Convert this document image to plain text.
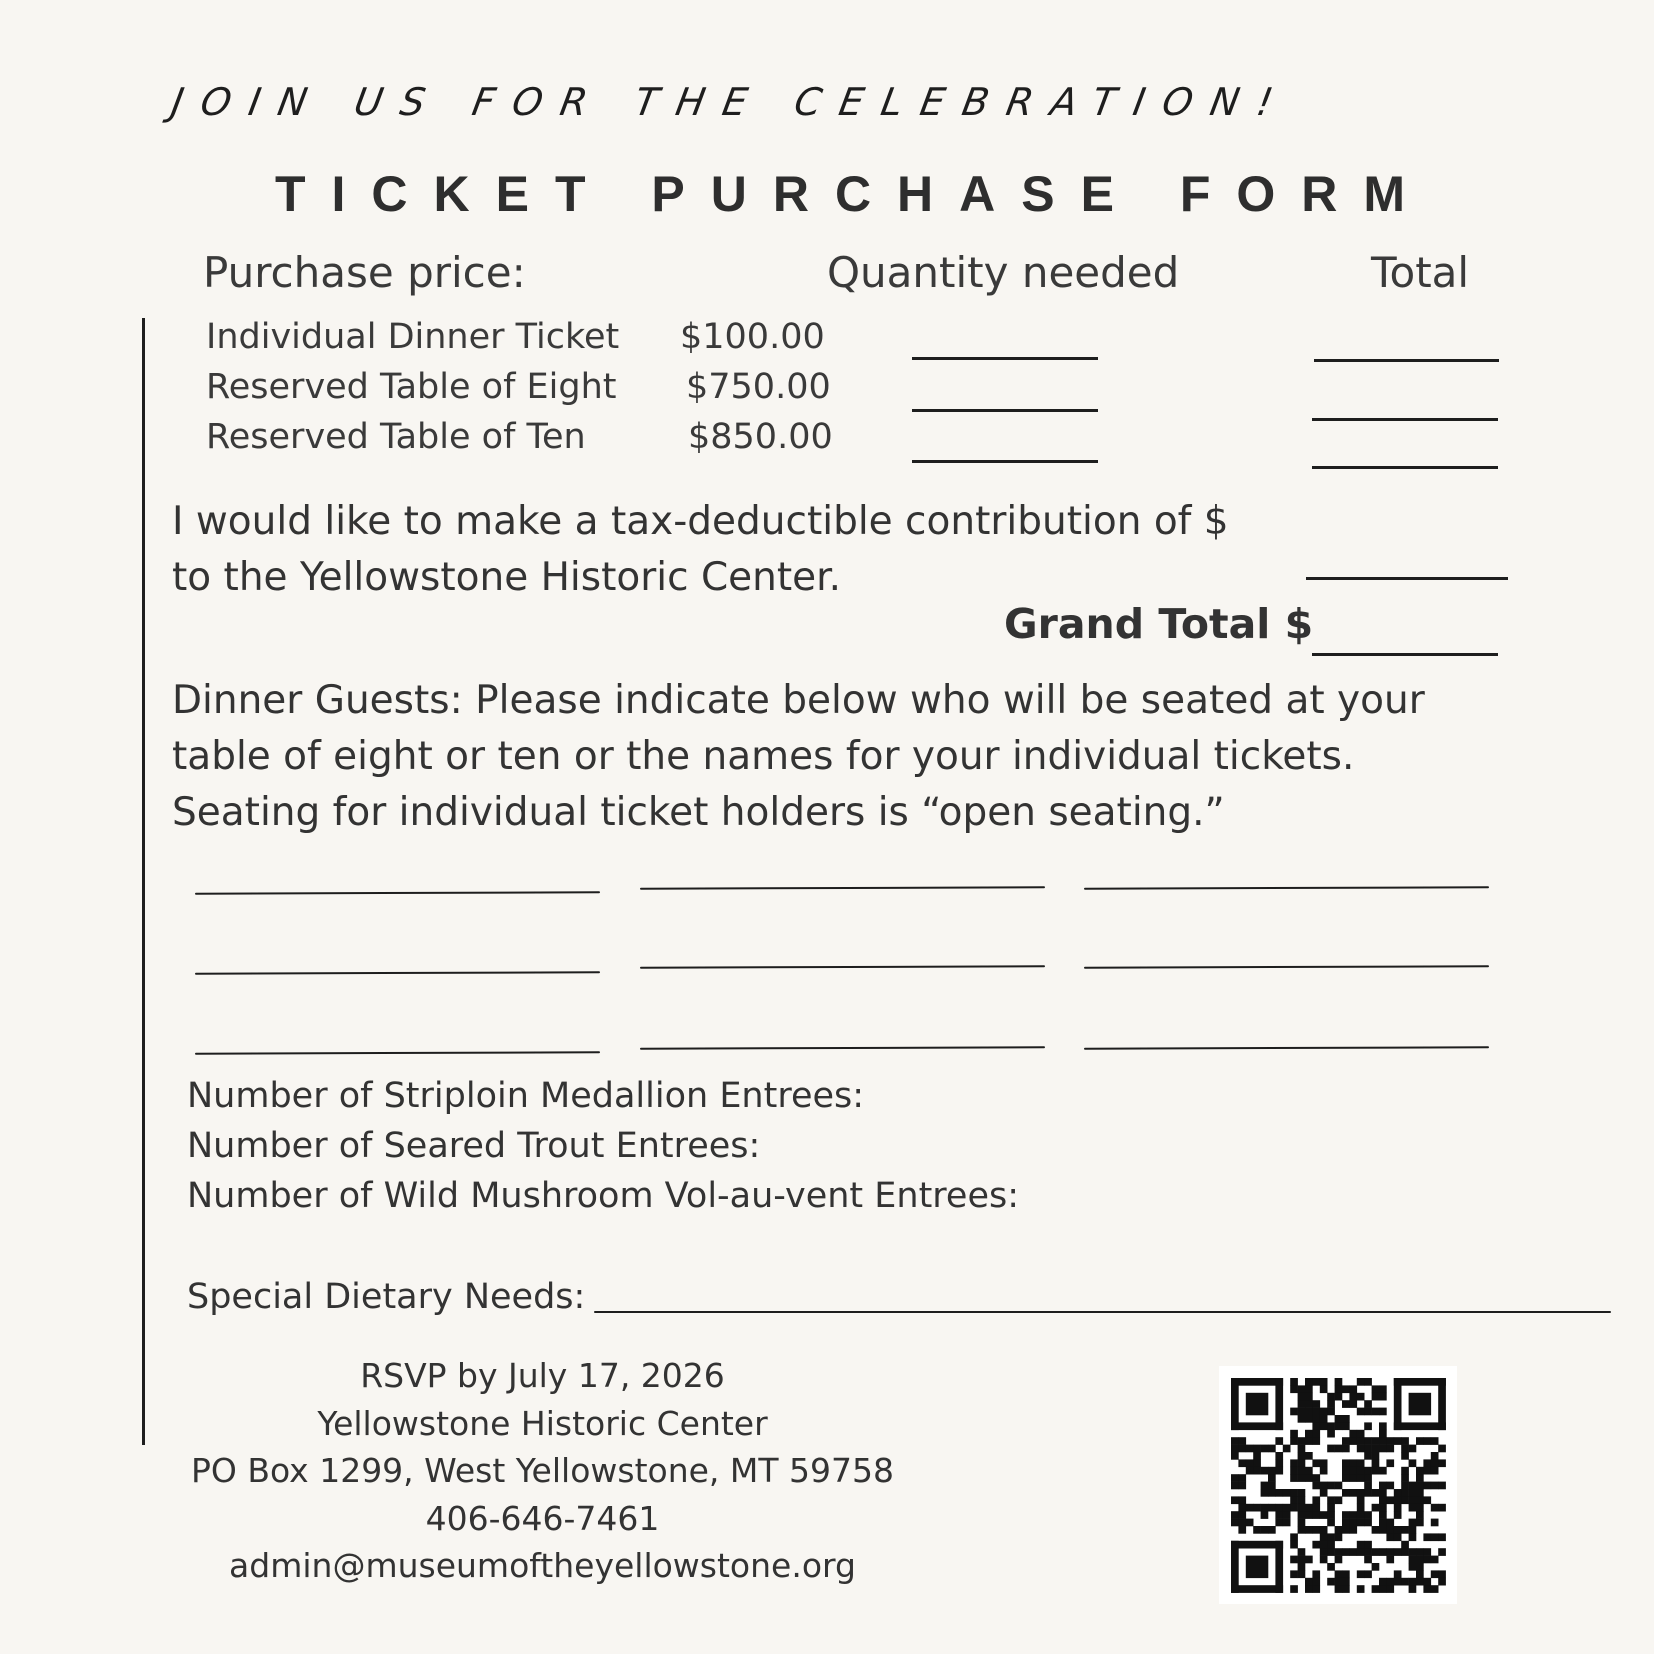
JOIN US FOR THE CELEBRATION!
TICKET PURCHASE FORM
Purchase price:	Quantity needed	Total
Individual Dinner Ticket $100.00
Reserved Table of Eight $750.00
Reserved Table of Ten	$850.00
I would like to make a tax-deductible contribution of $
to the Yellowstone Historic Center.
Grand Total $
Dinner Guests: Please indicate below who will be seated at your
table of eight or ten or the names for your individual tickets.
Seating for individual ticket holders is “open seating.”
Number of Striploin Medallion Entrees:
Number of Seared Trout Entrees:
Number of Wild Mushroom Vol-au-vent Entrees:
Special Dietary Needs:
RSVP by July 17, 2026
Yellowstone Historic Center
PO Box 1299, West Yellowstone, MT 59758
406-646-7461
admin@museumoftheyellowstone.org
